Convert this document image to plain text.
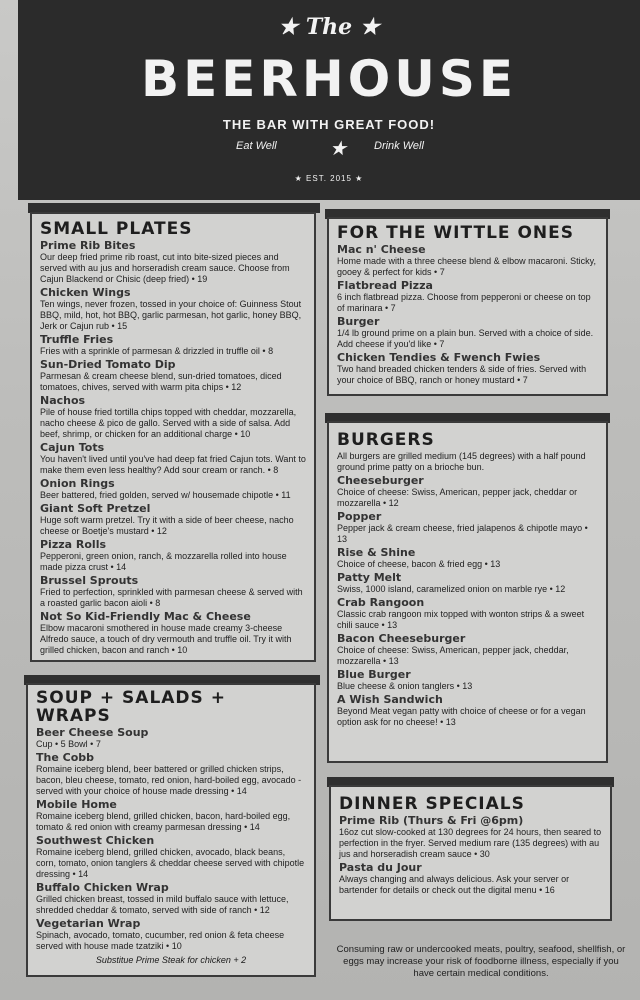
★ The ★
BEERHOUSE
THE BAR WITH GREAT FOOD!
Eat Well	★ Drink Well
★ EST. 2015 ★
SMALL PLATES
Prime Rib Bites
Our deep fried prime rib roast, cut into bite-sized pieces and served with au jus and horseradish cream sauce. Choose from Cajun Blackend or Chisic (deep fried) • 19
Chicken Wings
Ten wings, never frozen, tossed in your choice of: Guinness Stout BBQ, mild, hot, hot BBQ, garlic parmesan, hot garlic, honey BBQ, Jerk or Cajun rub • 15
Truffle Fries
Fries with a sprinkle of parmesan & drizzled in truffle oil • 8
Sun-Dried Tomato Dip
Parmesan & cream cheese blend, sun-dried tomatoes, diced tomatoes, chives, served with warm pita chips • 12
Nachos
Pile of house fried tortilla chips topped with cheddar, mozzarella, nacho cheese & pico de gallo. Served with a side of salsa. Add beef, shrimp, or chicken for an additional charge • 10
Cajun Tots
You haven't lived until you've had deep fat fried Cajun tots. Want to make them even less healthy? Add sour cream or ranch. • 8
Onion Rings
Beer battered, fried golden, served w/ housemade chipotle • 11
Giant Soft Pretzel
Huge soft warm pretzel. Try it with a side of beer cheese, nacho cheese or Boetje's mustard • 12
Pizza Rolls
Pepperoni, green onion, ranch, & mozzarella rolled into house made pizza crust • 14
Brussel Sprouts
Fried to perfection, sprinkled with parmesan cheese & served with a roasted garlic bacon aioli • 8
Not So Kid-Friendly Mac & Cheese
Elbow macaroni smothered in house made creamy 3-cheese Alfredo sauce, a touch of dry vermouth and truffle oil. Try it with grilled chicken, bacon and ranch • 10
SOUP + SALADS + WRAPS
Beer Cheese Soup
Cup • 5 Bowl • 7
The Cobb
Romaine iceberg blend, beer battered or grilled chicken strips, bacon, bleu cheese, tomato, red onion, hard-boiled egg, avocado - served with your choice of house made dressing • 14
Mobile Home
Romaine iceberg blend, grilled chicken, bacon, hard-boiled egg, tomato & red onion with creamy parmesan dressing • 14
Southwest Chicken
Romaine iceberg blend, grilled chicken, avocado, black beans, corn, tomato, onion tanglers & cheddar cheese served with chipotle dressing • 14
Buffalo Chicken Wrap
Grilled chicken breast, tossed in mild buffalo sauce with lettuce, shredded cheddar & tomato, served with side of ranch • 12
Vegetarian Wrap
Spinach, avocado, tomato, cucumber, red onion & feta cheese served with house made tzatziki • 10
Substitue Prime Steak for chicken + 2
FOR THE WITTLE ONES
Mac n' Cheese
Home made with a three cheese blend & elbow macaroni. Sticky, gooey & perfect for kids • 7
Flatbread Pizza
6 inch flatbread pizza. Choose from pepperoni or cheese on top of marinara • 7
Burger
1/4 lb ground prime on a plain bun. Served with a choice of side. Add cheese if you'd like • 7
Chicken Tendies & Fwench Fwies
Two hand breaded chicken tenders & side of fries. Served with your choice of BBQ, ranch or honey mustard • 7
BURGERS
All burgers are grilled medium (145 degrees) with a half pound ground prime patty on a brioche bun.
Cheeseburger
Choice of cheese: Swiss, American, pepper jack, cheddar or mozzarella • 12
Popper
Pepper jack & cream cheese, fried jalapenos & chipotle mayo • 13
Rise & Shine
Choice of cheese, bacon & fried egg • 13
Patty Melt
Swiss, 1000 island, caramelized onion on marble rye • 12
Crab Rangoon
Classic crab rangoon mix topped with wonton strips & a sweet chili sauce • 13
Bacon Cheeseburger
Choice of cheese: Swiss, American, pepper jack, cheddar, mozzarella • 13
Blue Burger
Blue cheese & onion tanglers • 13
A Wish Sandwich
Beyond Meat vegan patty with choice of cheese or for a vegan option ask for no cheese! • 13
DINNER SPECIALS
Prime Rib (Thurs & Fri @6pm)
16oz cut slow-cooked at 130 degrees for 24 hours, then seared to perfection in the fryer. Served medium rare (135 degrees) with au jus and horseradish cream sauce • 30
Pasta du Jour
Always changing and always delicious. Ask your server or bartender for details or check out the digital menu • 16
Consuming raw or undercooked meats, poultry, seafood, shellfish, or eggs may increase your risk of foodborne illness, especially if you have certain medical conditions.
